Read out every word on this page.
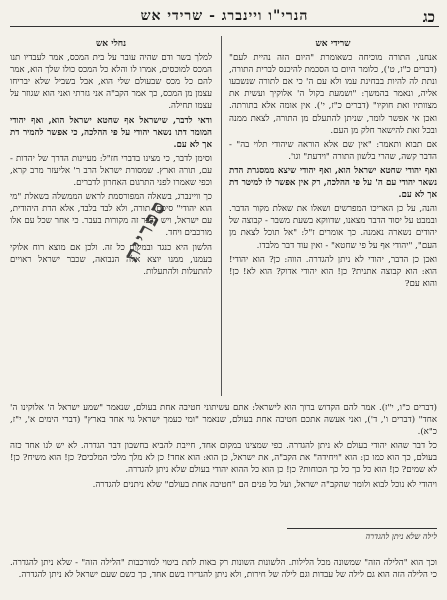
כג
הנרי"ו ויינברג - שרידי אש
שרידי אש

אנחנו, התורה מוכיחה כשאומרת "היום הזה נהיית לעם" (דברים כ"ז, ט'), כלומר היום בו הסכמת להיכנס לברית התורה, ונתת לה להיות בבחינת עמו ולא עם ה' כי אם לתורה שנשבעו אליה, ונאמר בהמשך: "ושמעת בקול ה' אלוקיך ועשית את מצוותיו ואת חוקיו" (דברים כ"ז, י'). אין אומה אלא בתורתה. ואכן אי אפשר לומר, שניתן להתעלם מן התורה, לצאת ממנה ובכל זאת להישאר חלק מן העם.

אם תבוא ותאמר: "אין שם אלא הוראה שיהודי תלוי בה" - הדבר קשה, שהרי בלשון התורה "וידעת" וגו'.

ואף יהודי שחטא ישראל הוא, ואף יהודי שיצא ממסגרת הדת נשאר יהודי עם ה' על פי ההלכה, רק אין אפשר לו למיטר דת אך לא עם.

והנה, על כן האריכו המפרשים ושאלו את שאלת מקור הדבר. ובמבט על יסוד הדבר מצאנו, שדווקא בשעת משבר - קבוצה של יהודים נשארה נאמנה. כך אומרים ז"ל: "אל תוכל לצאת מן העם", "יהודי אף על פי שחטא" - ואין עוד דבר מלבדו.

ואכן כן הדבר, יהודי לא ניתן להגדרה. הווה: כן? הוא יהודי! הוא: הוא קבוצה אתנית? כן! הוא יהודי אדוק? הוא לא! כן! והוא עם?

נחלי אש

למלך בשר ודם שהיה עובר על בית המכס, אמר לעבדיו תנו המכס למוכסים, אמרו לו והלא כל המכס כולו שלך הוא, אמר להם כל מכס שבעולם שלי הוא, אבל בשביל שלא יבריחו עצמן מן המכס, כך אמר הקב"ה אני גזרתי ואני הוא שגוזר על עצמו תחילה.

ודאי לדבר, שישראל אף שחטא ישראל הוא, ואף יהודי המומר דתו נשאר יהודי על פי ההלכה, כי אפשר להמיר דת אך לא עם.

וסימן לדבר, כי מצינו בדברי חז"ל: מעיינות הדרך של יהדות - עם, תורה וארץ. שמסורת ישראל הרב ר' אליעזר מרב קרא, וכפי שאמרו לפני התרגום האחרון לדברים.

כך וויינברג, בשאלה המפורסמת לראש הממשלה בשאלת "מי הוא יהודי" סיכם: תורה, ולא לבד בלבד, אלא הדת היהודית, עם ישראל, ויש לדבר זה מקורות בעבר. כי אחר שכל עם אלו מורכבים ויחד.

הלשון היא כנגד ובמקום כל זה. ולכן אם מוצא רוח אלוקי בעמנו, ממנו יוצא אלה הנבואה, שכבר ישראל ראויים להתעלות ולהתעלות.

ספריית

(דברים כ"ו, י"ז). אמר להם הקדוש ברוך הוא לישראל: אתם עשיתוני חטיבה אחת בעולם, שנאמר "שמע ישראל ה' אלוקינו ה' אחד" (דברים ו', ד'), ואני אעשה אתכם חטיבה אחת בעולם, שנאמר "ומי כעמך ישראל גוי אחד בארץ" (דברי הימים א', י"ז, כ"א).

כל דבר שהוא יהודי בעולם לא ניתן להגדרה. כפי שמצינו במקום אחד, חייבת להביא בחשבון דבר הגדרה. לא יש לנו אחד כזה בעולם, כך הוא כמו כן: הוא "ויחידה" את הקב"ה, את ישראל, כן הוא: הוא אחד! כן לא מלך מלכי המלכים? כן! הוא משיח? כן! לא שמים? כן! הוא כל כך כל כך הכוחות? כן! כן הוא כל ההוא יהודי בעולם שלא ניתן להגדרה.

ויהודי לא נוכל לבוא ולומר שהקב"ה ישראל, ועל כל פנים הם "חטיבה אחת בעולם" שלא ניתנים להגדרה.

לילה שלא ניתן להגדרה

וכך הוא "הלילה הזה" שמשונה מכל הלילות. הלשונות השונות רק באות לתת ביטוי למורכבות "הלילה הזה" - שלא ניתן להגדרה. כי הלילה הזה הוא גם לילה של עבדות וגם לילה של חירות, ולא ניתן להגדירו בשם אחד, כך כשם שעם ישראל לא ניתן להגדרה.
